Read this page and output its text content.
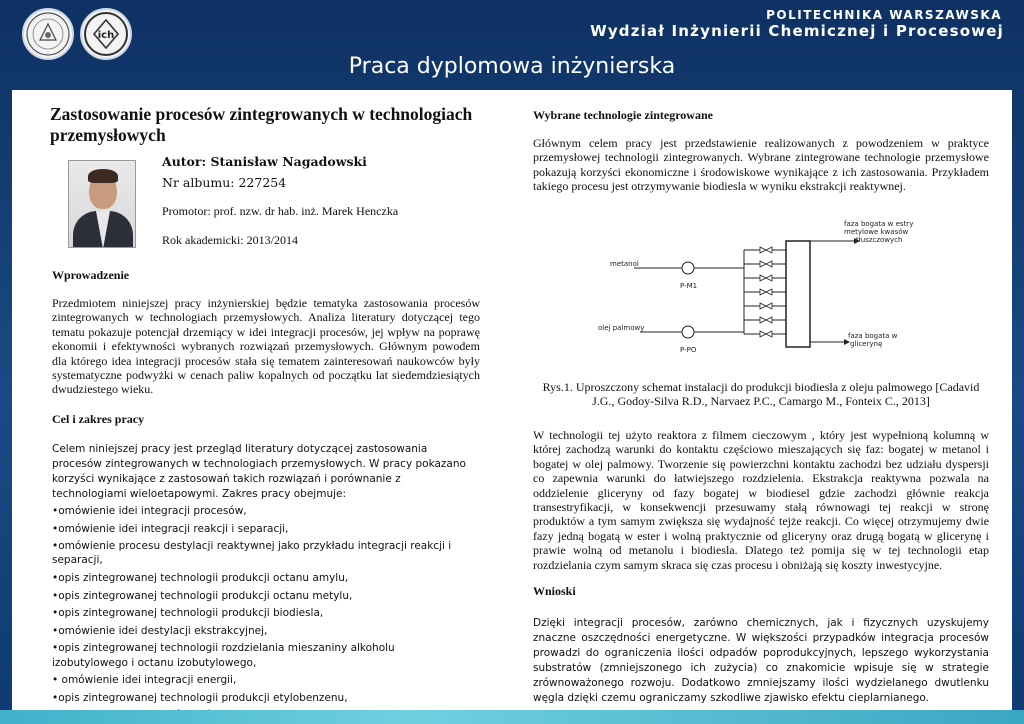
ich
POLITECHNIKA WARSZAWSKA
Wydział Inżynierii Chemicznej i Procesowej
Praca dyplomowa inżynierska
Zastosowanie procesów zintegrowanych w technologiach przemysłowych
Autor: Stanisław Nagadowski
Nr albumu: 227254
Promotor: prof. nzw. dr hab. inż. Marek Henczka
Rok akademicki: 2013/2014
Wprowadzenie
Przedmiotem niniejszej pracy inżynierskiej będzie tematyka zastosowania procesów zintegrowanych w technologiach przemysłowych. Analiza literatury dotyczącej tego tematu pokazuje potencjał drzemiący w idei integracji procesów, jej wpływ na poprawę ekonomii i efektywności wybranych rozwiązań przemysłowych. Głównym powodem dla którego idea integracji procesów stała się tematem zainteresowań naukowców były systematyczne podwyżki w cenach paliw kopalnych od początku lat siedemdziesiątych dwudziestego wieku.
Cel i zakres pracy
Celem niniejszej pracy jest przegląd literatury dotyczącej zastosowania procesów zintegrowanych w technologiach przemysłowych. W pracy pokazano korzyści wynikające z zastosowań takich rozwiązań i porównanie z technologiami wieloetapowymi. Zakres pracy obejmuje:
•omówienie idei integracji procesów,
•omówienie idei integracji reakcji i separacji,
•omówienie procesu destylacji reaktywnej jako przykładu integracji reakcji i separacji,
•opis zintegrowanej technologii produkcji octanu amylu,
•opis zintegrowanej technologii produkcji octanu metylu,
•opis zintegrowanej technologii produkcji biodiesla,
•omówienie idei destylacji ekstrakcyjnej,
•opis zintegrowanej technologii rozdzielania mieszaniny alkoholu izobutylowego i octanu izobutylowego,
• omówienie idei integracji energii,
•opis zintegrowanej technologii produkcji etylobenzenu,
Wybrane technologie zintegrowane
Głównym celem pracy jest przedstawienie realizowanych z powodzeniem w praktyce przemysłowej technologii zintegrowanych. Wybrane zintegrowane technologie przemysłowe pokazują korzyści ekonomiczne i środowiskowe wynikające z ich zastosowania. Przykładem takiego procesu jest otrzymywanie biodiesla w wyniku ekstrakcji reaktywnej.
faza bogata w estry
metylowe kwasów
tłuszczowych
faza bogata w
glicerynę
metanol
P-M1
olej palmowy
P-PO
Rys.1. Uproszczony schemat instalacji do produkcji biodiesla z oleju palmowego [Cadavid J.G., Godoy-Silva R.D., Narvaez P.C., Camargo M., Fonteix C., 2013]
W technologii tej użyto reaktora z filmem cieczowym , który jest wypełnioną kolumną w której zachodzą warunki do kontaktu częściowo mieszających się faz: bogatej w metanol i bogatej w olej palmowy. Tworzenie się powierzchni kontaktu zachodzi bez udziału dyspersji co zapewnia warunki do łatwiejszego rozdzielenia. Ekstrakcja reaktywna pozwala na oddzielenie gliceryny od fazy bogatej w biodiesel gdzie zachodzi głównie reakcja transestryfikacji, w konsekwencji przesuwamy stałą równowagi tej reakcji w stronę produktów a tym samym zwiększa się wydajność tejże reakcji. Co więcej otrzymujemy dwie fazy jedną bogatą w ester i wolną praktycznie od gliceryny oraz drugą bogatą w glicerynę i prawie wolną od metanolu i biodiesla. Dlatego też pomija się w tej technologii etap rozdzielania czym samym skraca się czas procesu i obniżają się koszty inwestycyjne.
Wnioski
Dzięki integracji procesów, zarówno chemicznych, jak i fizycznych uzyskujemy znaczne oszczędności energetyczne. W większości przypadków integracja procesów prowadzi do ograniczenia ilości odpadów poprodukcyjnych, lepszego wykorzystania substratów (zmniejszonego ich zużycia) co znakomicie wpisuje się w strategie zrównoważonego rozwoju. Dodatkowo zmniejszamy ilości wydzielanego dwutlenku węgla dzięki czemu ograniczamy szkodliwe zjawisko efektu cieplarnianego.
